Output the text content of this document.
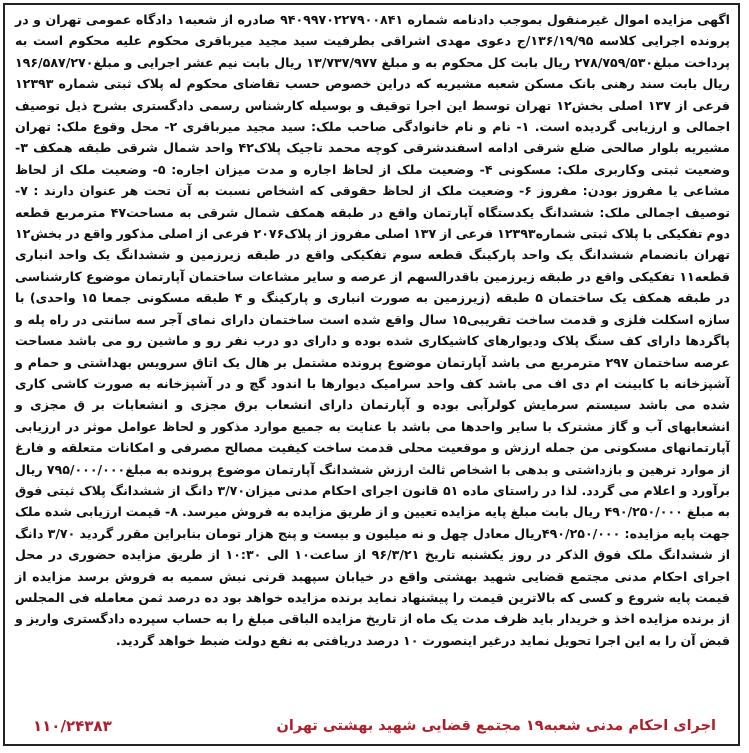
اگهی مزایده اموال غیرمنقول بموجب دادنامه شماره ۹۴۰۹۹۷۰۲۲۷۹۰۰۸۴۱ صادره از شعبه۱ دادگاه عمومی تهران و در پرونده اجرایی کلاسه ۱۳۶/۱۹/۹۵/ج دعوی مهدی اشراقی بطرفیت سید مجید میرباقری محکوم علیه محکوم است به پرداخت مبلغ۲۷۸/۷۵۹/۵۳۰ ریال بابت کل محکوم به و مبلغ ۱۳/۷۳۷/۹۷۷ ریال بابت نیم عشر اجرایی و مبلغ۱۹۶/۵۸۷/۲۷۰ ریال بابت سند رهنی بانک مسکن شعبه مشیریه که دراین خصوص حسب تقاضای محکوم له پلاک ثبتی شماره ۱۲۳۹۳ فرعی از ۱۳۷ اصلی بخش۱۲ تهران توسط این اجرا توقیف و بوسیله کارشناس رسمی دادگستری بشرح ذیل توصیف اجمالی و ارزیابی گردیده است. ۱- نام و نام خانوادگی صاحب ملک: سید مجید میرباقری ۲- محل وقوع ملک: تهران مشیریه بلوار صالحی ضلع شرقی ادامه اسفندشرقی کوچه محمد تاجیک پلاک۴۲ واحد شمال شرقی طبقه همکف ۳- وضعیت ثبتی وکاربری ملک: مسکونی ۴- وضعیت ملک از لحاظ اجاره و مدت میزان اجاره: ۵- وضعیت ملک از لحاظ مشاعی یا مفروز بودن: مفروز ۶- وضعیت ملک از لحاظ حقوقی که اشخاص نسبت به آن تحت هر عنوان دارند : ۷- توصیف اجمالی ملک: ششدانگ یکدستگاه آپارتمان واقع در طبقه همکف شمال شرقی به مساحت۴۷ مترمربع قطعه دوم تفکیکی با پلاک ثبتی شماره۱۲۳۹۳ فرعی از ۱۳۷ اصلی مفروز از پلاک۲۰۷۶ فرعی از اصلی مذکور واقع در بخش۱۲ تهران بانضمام ششدانگ یک واحد پارکینگ قطعه سوم تفکیکی واقع در طبقه زیرزمین و ششدانگ یک واحد انباری قطعه۱۱ تفکیکی واقع در طبقه زیرزمین باقدرالسهم از عرصه و سایر مشاعات ساختمان آپارتمان موضوع کارشناسی در طبقه همکف یک ساختمان ۵ طبقه (زیرزمین به صورت انباری و پارکینگ و ۴ طبقه مسکونی جمعا ۱۵ واحدی) با سازه اسکلت فلزی و قدمت ساخت تقریبی۱۵ سال واقع شده است ساختمان دارای نمای آجر سه سانتی در راه پله و پاگردها دارای کف سنگ پلاک ودیوارهای کاشیکاری شده بوده و دارای دو درب نفر رو و ماشین رو می باشد مساحت عرصه ساختمان ۲۹۷ مترمربع می باشد آپارتمان موضوع پرونده مشتمل بر هال یک اتاق سرویس بهداشتی و حمام و آشپزخانه با کابینت ام دی اف می باشد کف واحد سرامیک دیوارها با اندود گچ و در آشپزخانه به صورت کاشی کاری شده می باشد سیستم سرمایش کولرآبی بوده و آپارتمان دارای انشعاب برق مجزی و انشعابات بر ق مجزی و انشعابهای آب و گاز مشترک با سایر واحدها می باشد با عنایت به جمیع موارد مذکور و لحاظ عوامل موثر در ارزیابی آپارتمانهای مسکونی من جمله ارزش و موقعیت محلی قدمت ساخت کیفیت مصالح مصرفی و امکانات متعلقه و فارغ از موارد ترهین و بازداشتی و بدهی با اشخاص ثالث ارزش ششدانگ آپارتمان موضوع پرونده به مبلغ۷۹۵/۰۰۰/۰۰۰ ریال برآورد و اعلام می گردد. لذا در راستای ماده ۵۱ قانون اجرای احکام مدنی میزان۳/۷۰ دانگ از ششدانگ پلاک ثبتی فوق به مبلغ ۴۹۰/۲۵۰/۰۰۰ ریال بابت مبلغ پایه مزایده تعیین و از طریق مزایده به فروش میرسد. ۸- قیمت ارزیابی شده ملک جهت پایه مزایده: ۴۹۰/۲۵۰/۰۰۰ریال معادل چهل و نه میلیون و بیست و پنج هزار تومان بنابراین مقرر گردید ۳/۷۰ دانگ از ششدانگ ملک فوق الذکر در روز یکشنبه تاریخ ۹۶/۳/۲۱ از ساعت۱۰ الی ۱۰:۳۰ از طریق مزایده حضوری در محل اجرای احکام مدنی مجتمع قضایی شهید بهشتی واقع در خیابان سپهبد قرنی نبش سمیه به فروش برسد مزایده از قیمت پایه شروع و کسی که بالاترین قیمت را پیشنهاد نماید برنده مزایده خواهد بود ده درصد ثمن معامله فی المجلس از برنده مزایده اخذ و خریدار باید ظرف مدت یک ماه از تاریخ مزایده الباقی مبلغ را به حساب سپرده دادگستری واریز و قبض آن را به این اجرا تحویل نماید درغیر اینصورت ۱۰ درصد دریافتی به نفع دولت ضبط خواهد گردید.

اجرای احکام مدنی شعبه۱۹ مجتمع قضایی شهید بهشتی تهران
۱۱۰/۲۴۳۸۳
